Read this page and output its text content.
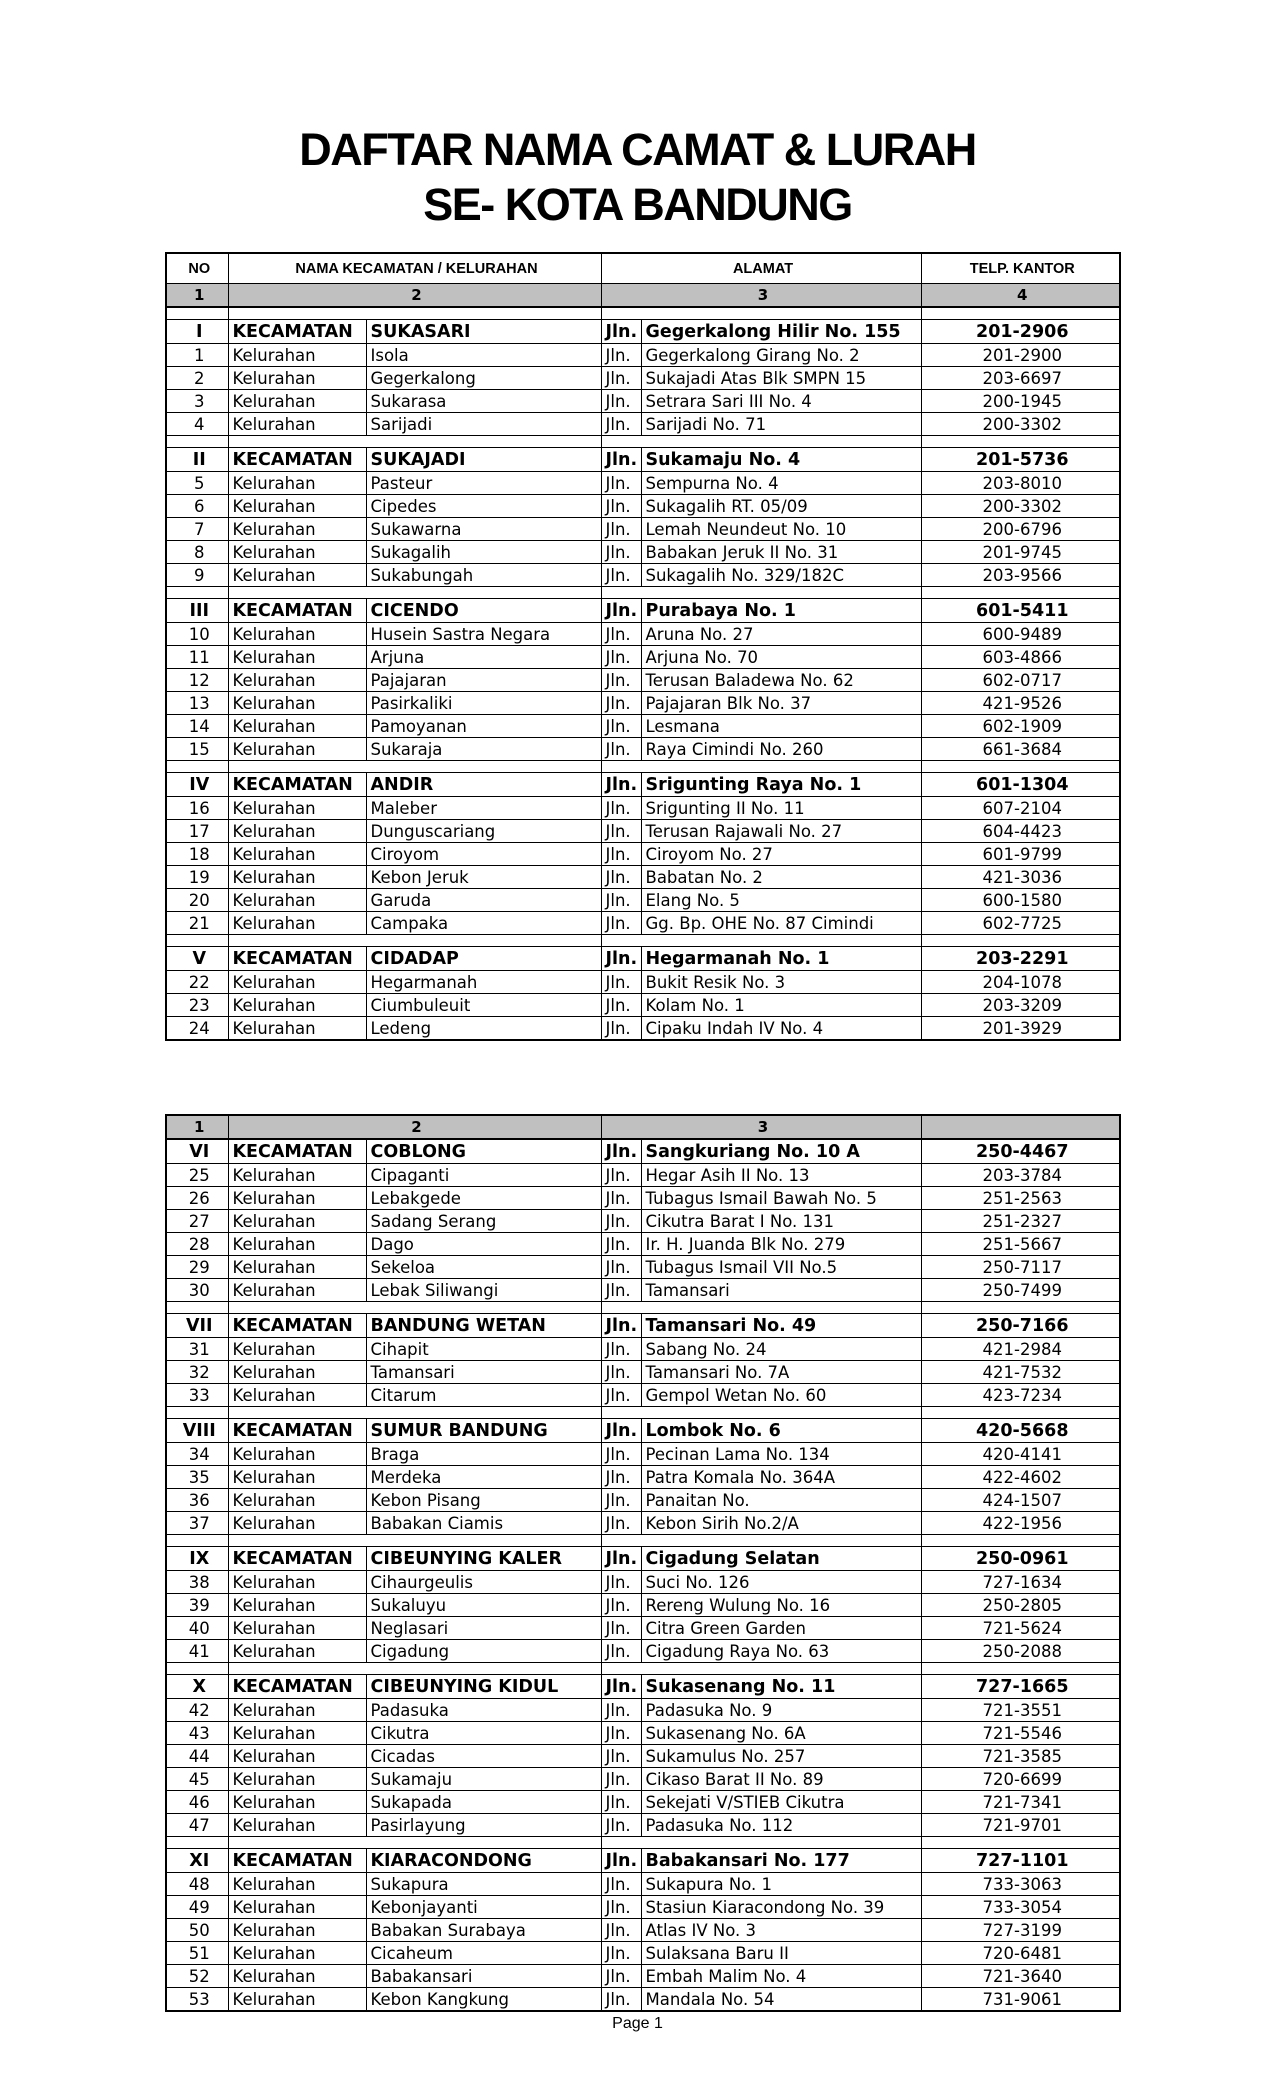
DAFTAR NAMA CAMAT & LURAH
SE- KOTA BANDUNG
NO	NAMA KECAMATAN / KELURAHAN		ALAMAT		TELP. KANTOR
1	2		3		4

I	KECAMATAN	SUKASARI	Jln.	Gegerkalong Hilir No. 155	201-2906
1	Kelurahan	Isola	Jln.	Gegerkalong Girang No. 2	201-2900
2	Kelurahan	Gegerkalong	Jln.	Sukajadi Atas Blk SMPN 15	203-6697
3	Kelurahan	Sukarasa	Jln.	Setrara Sari III No. 4	200-1945
4	Kelurahan	Sarijadi	Jln.	Sarijadi No. 71	200-3302

II	KECAMATAN	SUKAJADI	Jln.	Sukamaju No. 4	201-5736
5	Kelurahan	Pasteur	Jln.	Sempurna No. 4	203-8010
6	Kelurahan	Cipedes	Jln.	Sukagalih RT. 05/09	200-3302
7	Kelurahan	Sukawarna	Jln.	Lemah Neundeut No. 10	200-6796
8	Kelurahan	Sukagalih	Jln.	Babakan Jeruk II No. 31	201-9745
9	Kelurahan	Sukabungah	Jln.	Sukagalih No. 329/182C	203-9566

III	KECAMATAN	CICENDO	Jln.	Purabaya No. 1	601-5411
10	Kelurahan	Husein Sastra Negara	Jln.	Aruna No. 27	600-9489
11	Kelurahan	Arjuna	Jln.	Arjuna No. 70	603-4866
12	Kelurahan	Pajajaran	Jln.	Terusan Baladewa No. 62	602-0717
13	Kelurahan	Pasirkaliki	Jln.	Pajajaran Blk No. 37	421-9526
14	Kelurahan	Pamoyanan	Jln.	Lesmana	602-1909
15	Kelurahan	Sukaraja	Jln.	Raya Cimindi No. 260	661-3684

IV	KECAMATAN	ANDIR	Jln.	Srigunting Raya No. 1	601-1304
16	Kelurahan	Maleber	Jln.	Srigunting II No. 11	607-2104
17	Kelurahan	Dunguscariang	Jln.	Terusan Rajawali No. 27	604-4423
18	Kelurahan	Ciroyom	Jln.	Ciroyom No. 27	601-9799
19	Kelurahan	Kebon Jeruk	Jln.	Babatan No. 2	421-3036
20	Kelurahan	Garuda	Jln.	Elang No. 5	600-1580
21	Kelurahan	Campaka	Jln.	Gg. Bp. OHE No. 87 Cimindi	602-7725

V	KECAMATAN	CIDADAP	Jln.	Hegarmanah No. 1	203-2291
22	Kelurahan	Hegarmanah	Jln.	Bukit Resik No. 3	204-1078
23	Kelurahan	Ciumbuleuit	Jln.	Kolam No. 1	203-3209
24	Kelurahan	Ledeng	Jln.	Cipaku Indah IV No. 4	201-3929
1	2		3		
VI	KECAMATAN	COBLONG	Jln.	Sangkuriang No. 10 A	250-4467
25	Kelurahan	Cipaganti	Jln.	Hegar Asih II No. 13	203-3784
26	Kelurahan	Lebakgede	Jln.	Tubagus Ismail Bawah No. 5	251-2563
27	Kelurahan	Sadang Serang	Jln.	Cikutra Barat I No. 131	251-2327
28	Kelurahan	Dago	Jln.	Ir. H. Juanda Blk No. 279	251-5667
29	Kelurahan	Sekeloa	Jln.	Tubagus Ismail VII No.5	250-7117
30	Kelurahan	Lebak Siliwangi	Jln.	Tamansari	250-7499

VII	KECAMATAN	BANDUNG WETAN	Jln.	Tamansari No. 49	250-7166
31	Kelurahan	Cihapit	Jln.	Sabang No. 24	421-2984
32	Kelurahan	Tamansari	Jln.	Tamansari No. 7A	421-7532
33	Kelurahan	Citarum	Jln.	Gempol Wetan No. 60	423-7234

VIII	KECAMATAN	SUMUR BANDUNG	Jln.	Lombok No. 6	420-5668
34	Kelurahan	Braga	Jln.	Pecinan Lama No. 134	420-4141
35	Kelurahan	Merdeka	Jln.	Patra Komala No. 364A	422-4602
36	Kelurahan	Kebon Pisang	Jln.	Panaitan No.	424-1507
37	Kelurahan	Babakan Ciamis	Jln.	Kebon Sirih No.2/A	422-1956

IX	KECAMATAN	CIBEUNYING KALER	Jln.	Cigadung Selatan	250-0961
38	Kelurahan	Cihaurgeulis	Jln.	Suci No. 126	727-1634
39	Kelurahan	Sukaluyu	Jln.	Rereng Wulung No. 16	250-2805
40	Kelurahan	Neglasari	Jln.	Citra Green Garden	721-5624
41	Kelurahan	Cigadung	Jln.	Cigadung Raya No. 63	250-2088

X	KECAMATAN	CIBEUNYING KIDUL	Jln.	Sukasenang No. 11	727-1665
42	Kelurahan	Padasuka	Jln.	Padasuka No. 9	721-3551
43	Kelurahan	Cikutra	Jln.	Sukasenang No. 6A	721-5546
44	Kelurahan	Cicadas	Jln.	Sukamulus No. 257	721-3585
45	Kelurahan	Sukamaju	Jln.	Cikaso Barat II No. 89	720-6699
46	Kelurahan	Sukapada	Jln.	Sekejati V/STIEB Cikutra	721-7341
47	Kelurahan	Pasirlayung	Jln.	Padasuka No. 112	721-9701

XI	KECAMATAN	KIARACONDONG	Jln.	Babakansari No. 177	727-1101
48	Kelurahan	Sukapura	Jln.	Sukapura No. 1	733-3063
49	Kelurahan	Kebonjayanti	Jln.	Stasiun Kiaracondong No. 39	733-3054
50	Kelurahan	Babakan Surabaya	Jln.	Atlas IV No. 3	727-3199
51	Kelurahan	Cicaheum	Jln.	Sulaksana Baru II	720-6481
52	Kelurahan	Babakansari	Jln.	Embah Malim No. 4	721-3640
53	Kelurahan	Kebon Kangkung	Jln.	Mandala No. 54	731-9061
Page 1
